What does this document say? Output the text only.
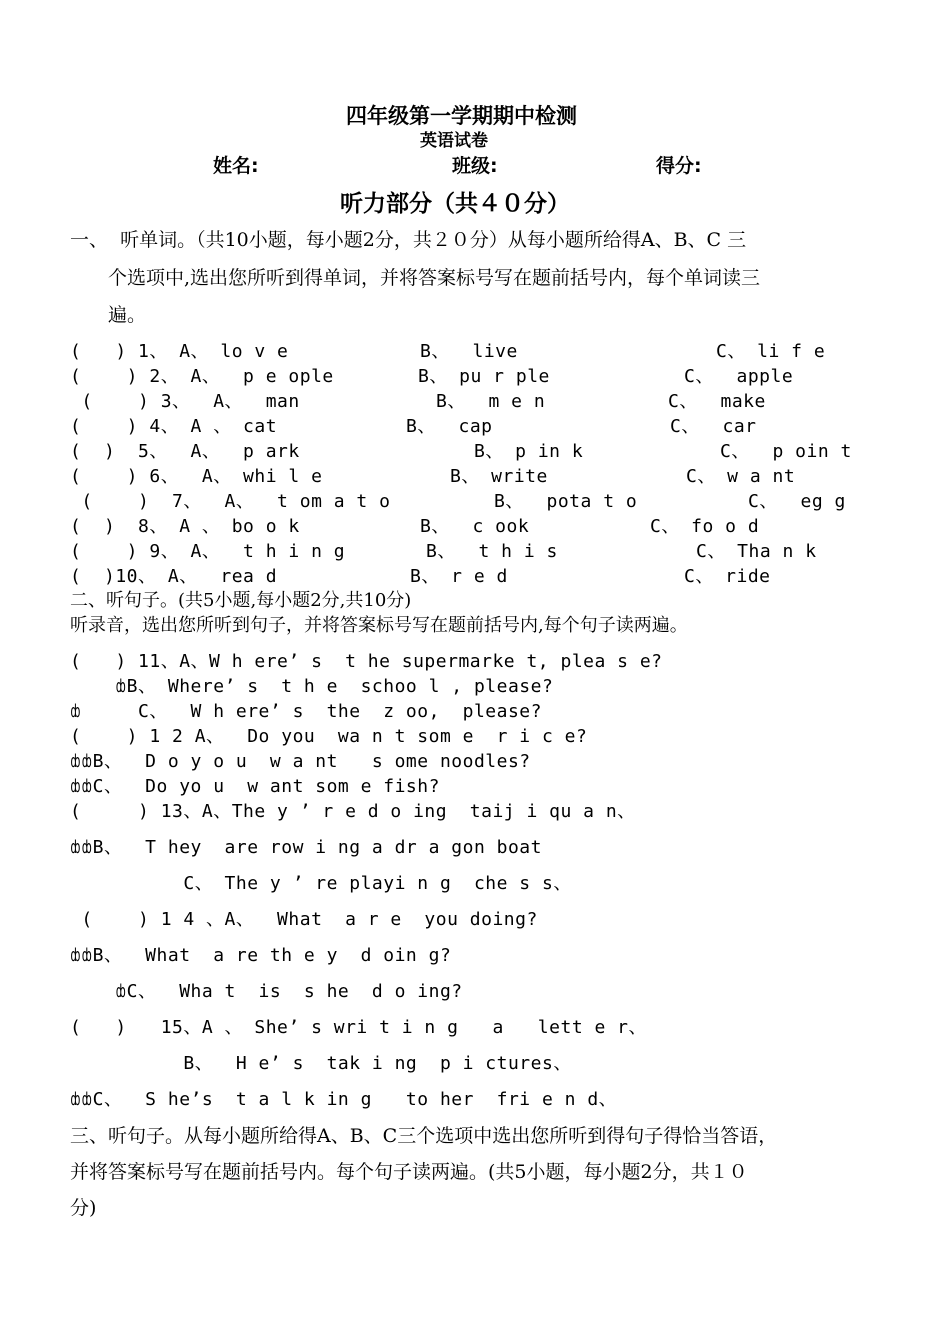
四年级第一学期期中检测
英语试卷
姓名:	班级:	得分:
听力部分（共４０分）
一、  听单词。（共10小题，每小题2分，共２０分）从每小题所给得A、B、C 三
个选项中,选出您所听到得单词，并将答案标号写在题前括号内，每个单词读三
遍。
(   ) 1、 A、 lo v e	B、  live	C、 li f e
(    ) 2、 A、  p e ople	B、 pu r ple	C、  apple
(    ) 3、  A、  man	B、  m e n	C、  make
(    ) 4、 A 、 cat	B、  cap	C、  car
(  )  5、  A、  p ark	B、 p in k	C、  p oin t
(    ) 6、  A、 whi l e	B、 write	C、 w a nt
(    )  7、  A、  t om a t o	B、  pota t o	C、  eg g
(  )  8、 A 、 bo o k	B、  c ook	C、 fo o d
(    ) 9、 A、  t h i n g	B、  t h i s	C、 Tha n k
(  )10、 A、  rea d	B、 r e d	C、 ride
二、听句子。(共5小题,每小题2分,共10分)
听录音，选出您所听到句子，并将答案标号写在题前括号内,每个句子读两遍。
(   ) 11、A、W h ere’ s  t he supermarke t, plea s e?
ȸB、 Where’ s  t h e  schoo l , please?
ȸ     C、  W h ere’ s  the  z oo,  please?
(    ) 1 2 A、  Do you  wa n t som e  r i c e?
ȸȸB、  D o y o u  w a nt   s ome noodles?
ȸȸC、  Do yo u  w ant som e fish?
(     ) 13、A、The y ’ r e d o ing  taij i qu a n、
ȸȸB、  T hey  are row i ng a dr a gon boat
C、 The y ’ re playi n g  che s s、
(    ) 1 4 、A、  What  a r e  you doing?
ȸȸB、  What  a re th e y  d oin g?
ȸC、  Wha t  is  s he  d o ing?
(   )   15、A 、 She’ s wri t i n g   a   lett e r、
B、  H e’ s  tak i ng  p i ctures、
ȸȸC、  S he’s  t a l k in g   to her  fri e n d、
三、听句子。从每小题所给得A、B、C三个选项中选出您所听到得句子得恰当答语，
并将答案标号写在题前括号内。每个句子读两遍。(共5小题，每小题2分，共１０
分)
